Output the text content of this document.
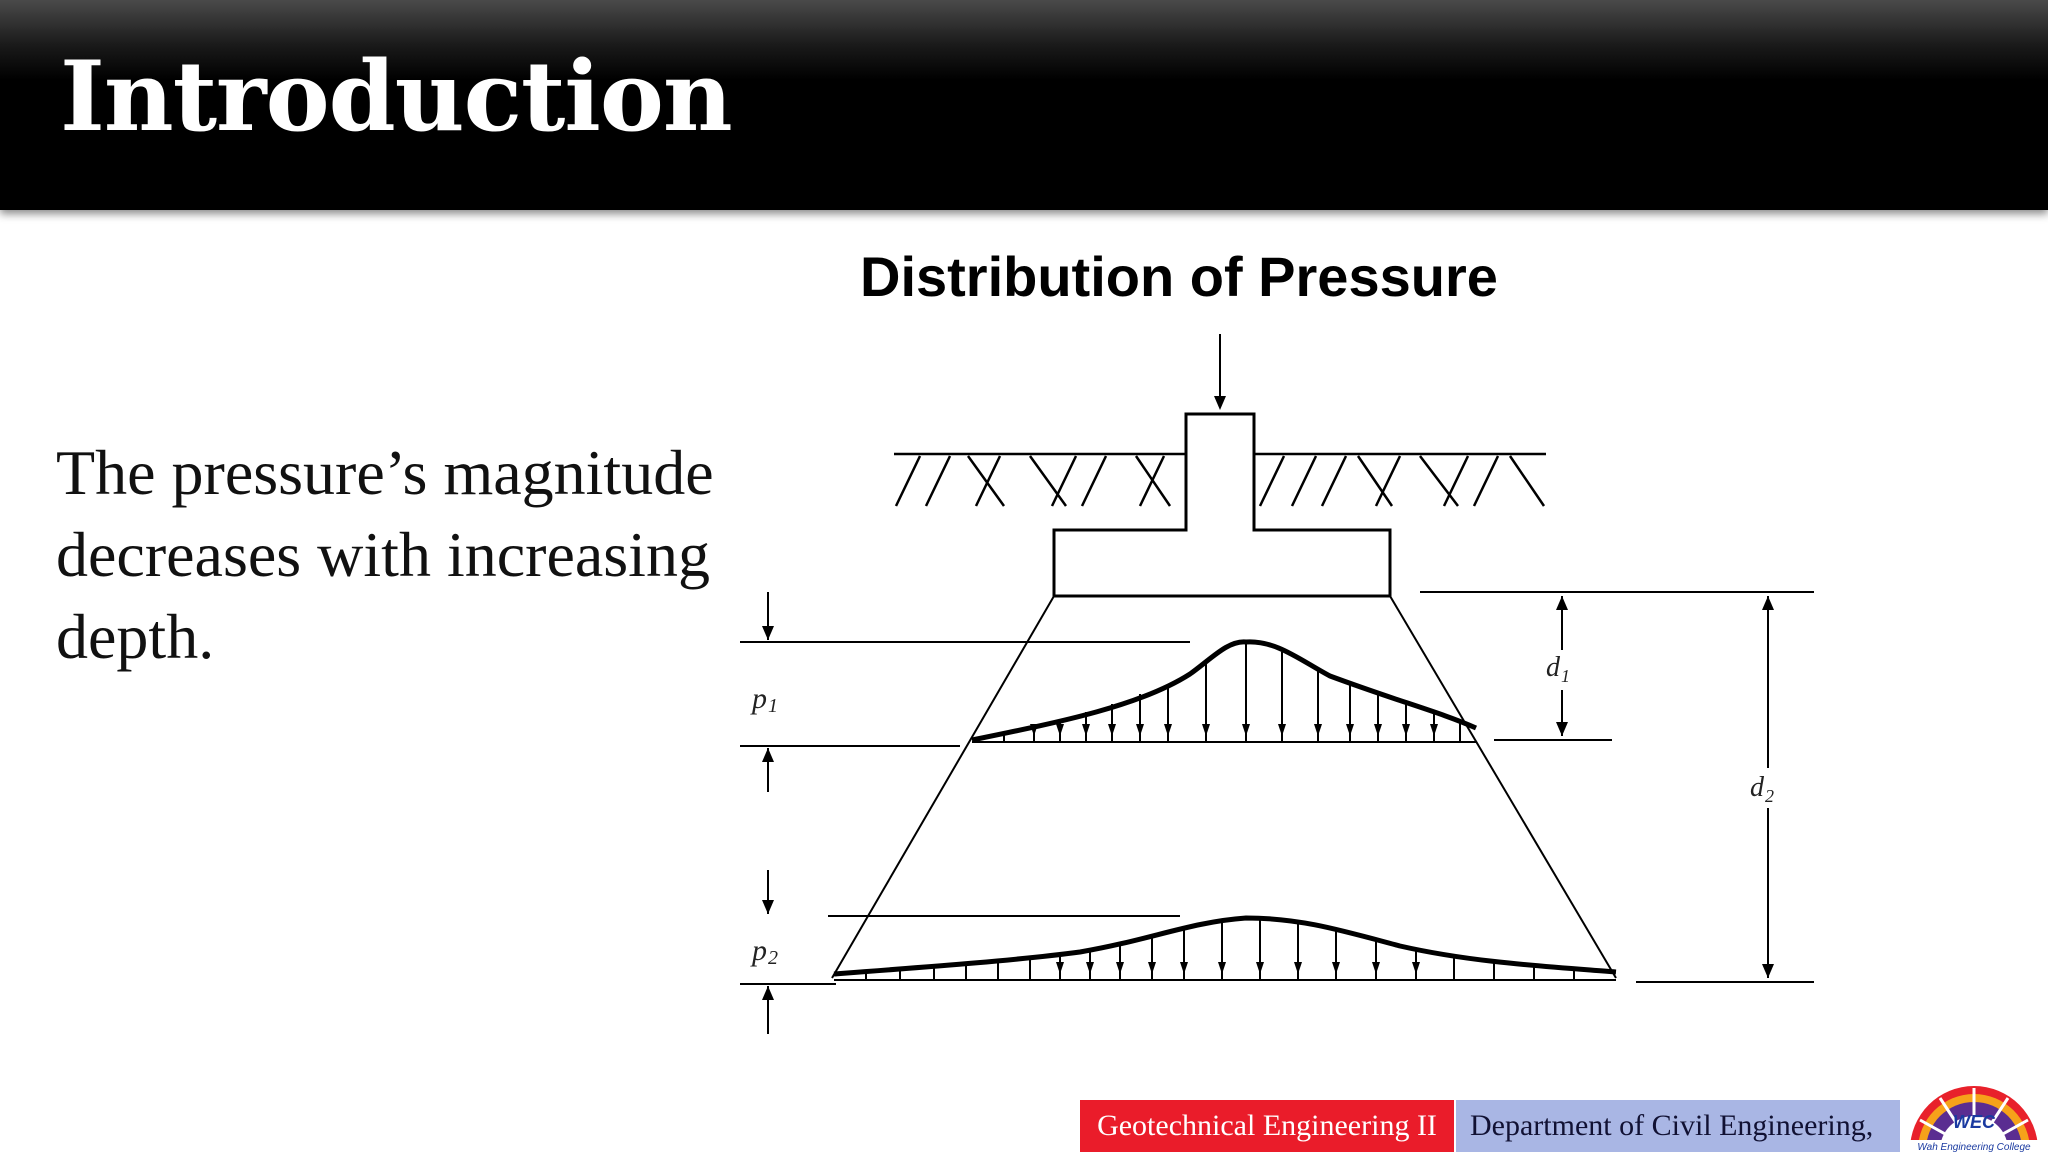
Introduction
The pressure’s magnitude decreases with increasing depth.
Distribution of Pressure
p 1
p 2
d 1
d 2
Geotechnical Engineering II	Department of Civil Engineering,	WEC
Wah Engineering College
